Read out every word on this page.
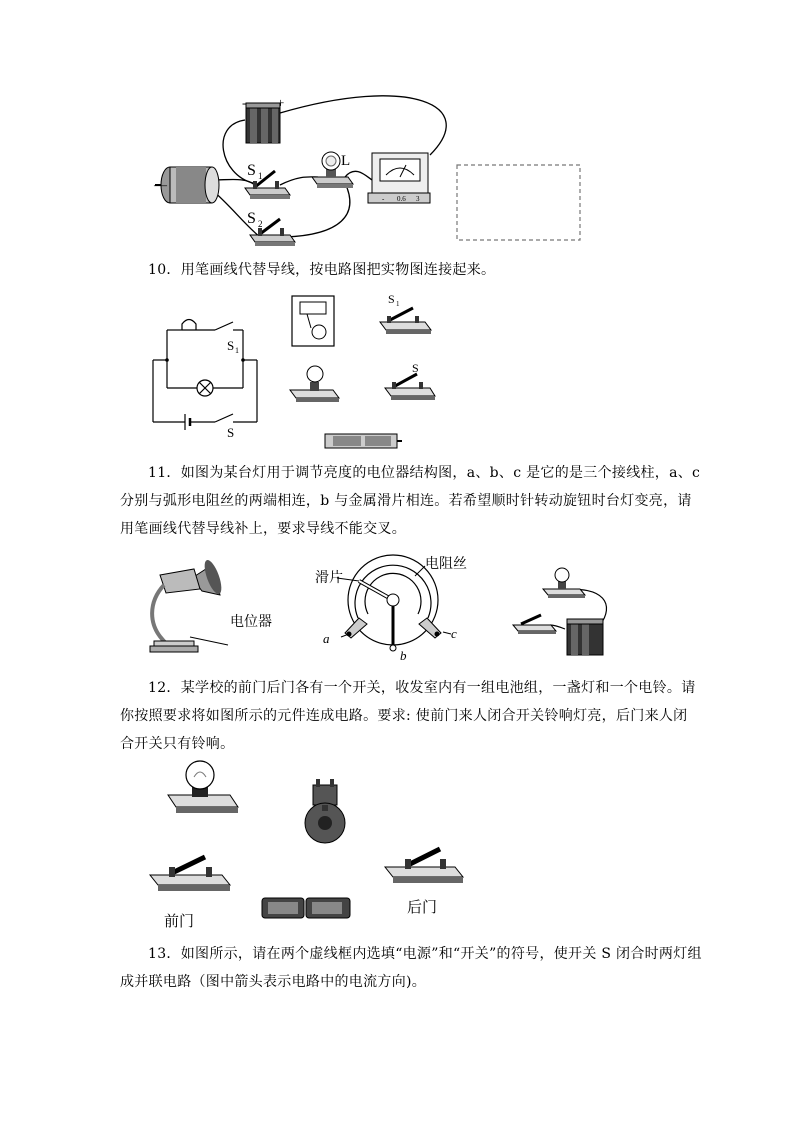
- 0.6 3
- +
—
S 1
S 2
L
10．用笔画线代替导线，按电路图把实物图连接起来。
S 1
S
S 1
S
11．如图为某台灯用于调节亮度的电位器结构图，a、b、c 是它的是三个接线柱，a、c
分别与弧形电阻丝的两端相连，b 与金属滑片相连。若希望顺时针转动旋钮时台灯变亮，请
用笔画线代替导线补上，要求导线不能交叉。
电位器
a
b
c
滑片
电阻丝
12．某学校的前门后门各有一个开关，收发室内有一组电池组，一盏灯和一个电铃。请
你按照要求将如图所示的元件连成电路。要求: 使前门来人闭合开关铃响灯亮，后门来人闭
合开关只有铃响。
前门
后门
13．如图所示，请在两个虚线框内选填“电源”和“开关”的符号，使开关 S 闭合时两灯组
成并联电路（图中箭头表示电路中的电流方向)。
